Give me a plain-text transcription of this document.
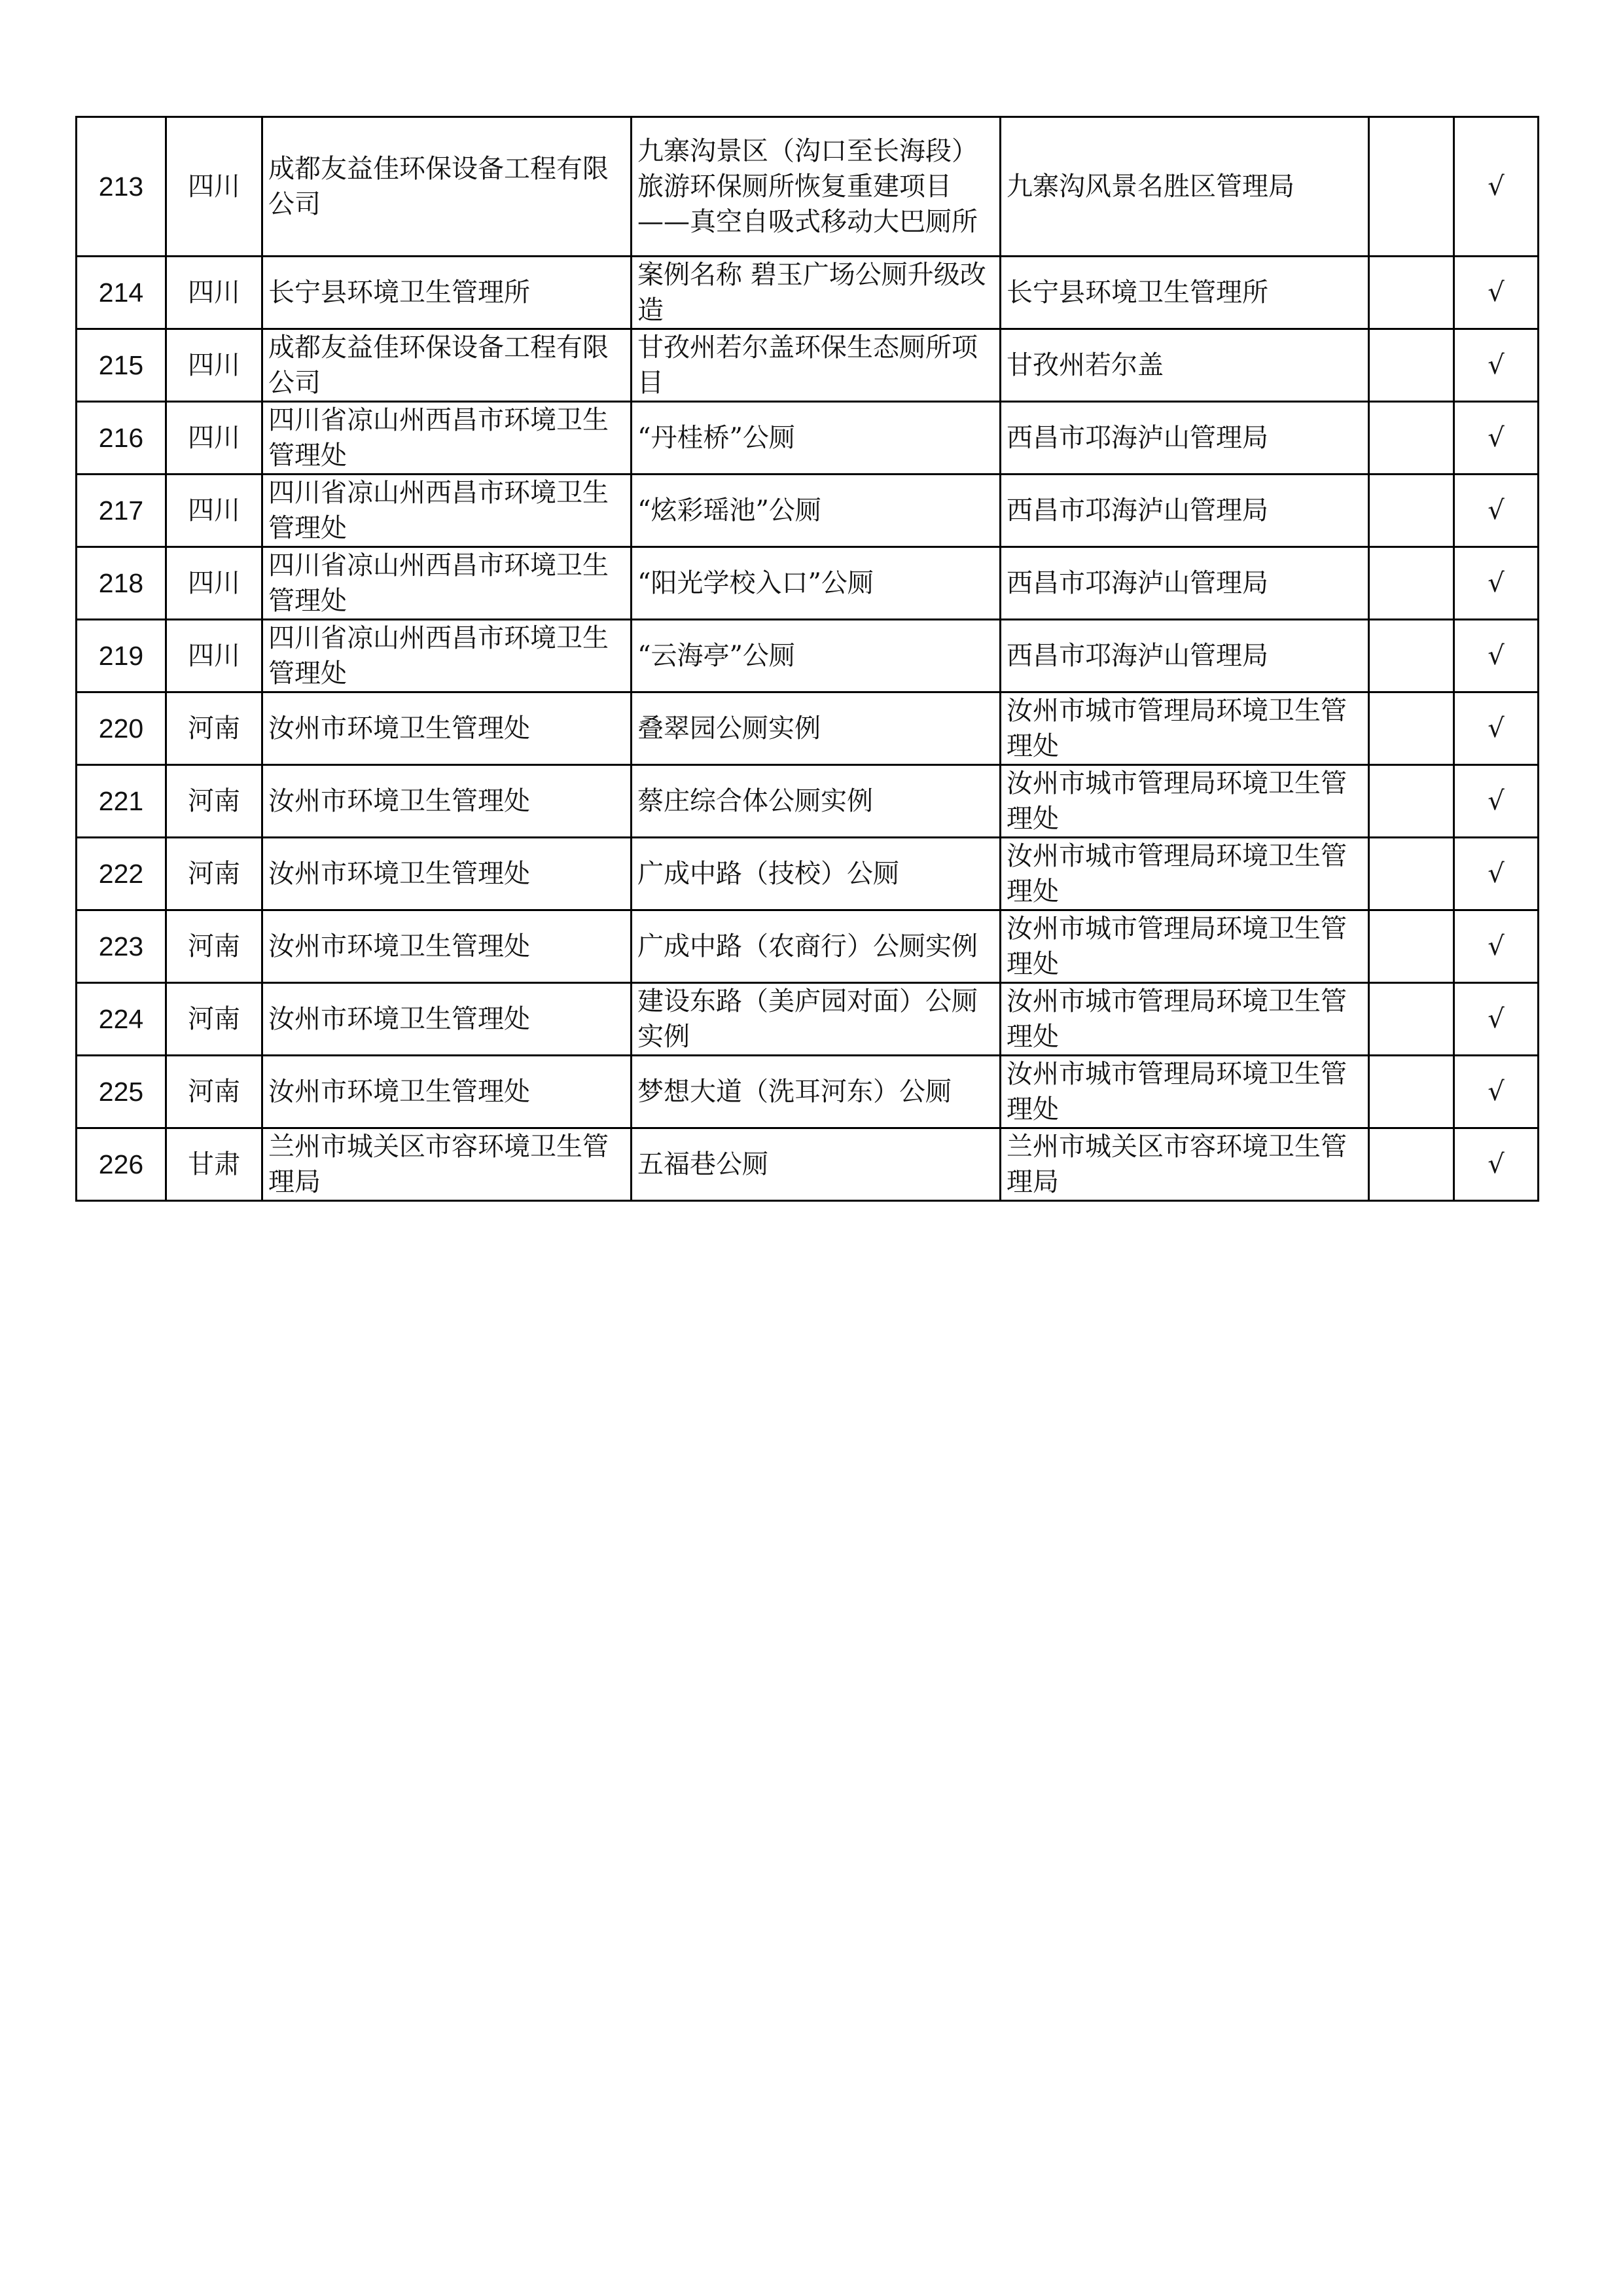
213	四川	成都友益佳环保设备工程有限公司	九寨沟景区（沟口至长海段）旅游环保厕所恢复重建项目——真空自吸式移动大巴厕所	九寨沟风景名胜区管理局		√
214	四川	长宁县环境卫生管理所	案例名称 碧玉广场公厕升级改造	长宁县环境卫生管理所		√
215	四川	成都友益佳环保设备工程有限公司	甘孜州若尔盖环保生态厕所项目	甘孜州若尔盖		√
216	四川	四川省凉山州西昌市环境卫生管理处	“丹桂桥”公厕	西昌市邛海泸山管理局		√
217	四川	四川省凉山州西昌市环境卫生管理处	“炫彩瑶池”公厕	西昌市邛海泸山管理局		√
218	四川	四川省凉山州西昌市环境卫生管理处	“阳光学校入口”公厕	西昌市邛海泸山管理局		√
219	四川	四川省凉山州西昌市环境卫生管理处	“云海亭”公厕	西昌市邛海泸山管理局		√
220	河南	汝州市环境卫生管理处	叠翠园公厕实例	汝州市城市管理局环境卫生管理处		√
221	河南	汝州市环境卫生管理处	蔡庄综合体公厕实例	汝州市城市管理局环境卫生管理处		√
222	河南	汝州市环境卫生管理处	广成中路（技校）公厕	汝州市城市管理局环境卫生管理处		√
223	河南	汝州市环境卫生管理处	广成中路（农商行）公厕实例	汝州市城市管理局环境卫生管理处		√
224	河南	汝州市环境卫生管理处	建设东路（美庐园对面）公厕实例	汝州市城市管理局环境卫生管理处		√
225	河南	汝州市环境卫生管理处	梦想大道（洗耳河东）公厕	汝州市城市管理局环境卫生管理处		√
226	甘肃	兰州市城关区市容环境卫生管理局	五福巷公厕	兰州市城关区市容环境卫生管理局		√
